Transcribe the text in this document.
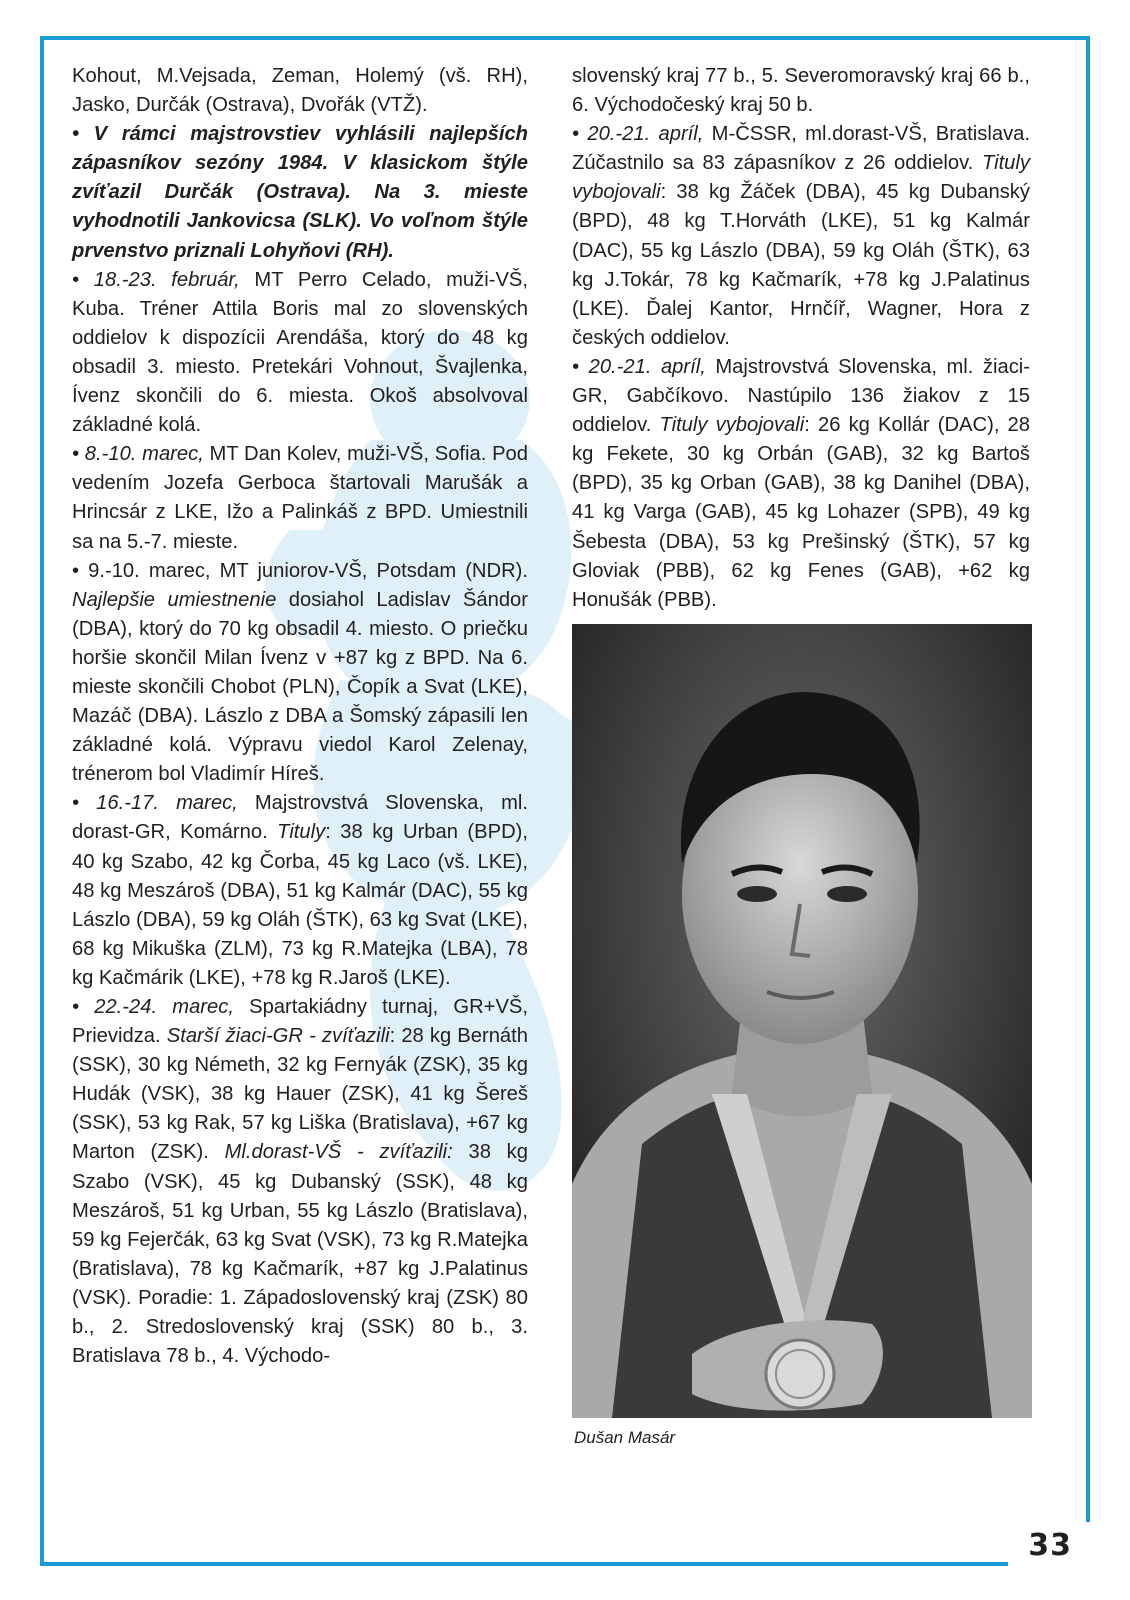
33

Kohout, M.Vejsada, Zeman, Holemý (vš. RH), Jasko, Durčák (Ostrava), Dvořák (VTŽ).

• V rámci majstrovstiev vyhlásili najlepších zápasníkov sezóny 1984. V klasickom štýle zvíťazil Durčák (Ostrava). Na 3. mieste vyhodnotili Jankovicsa (SLK). Vo voľnom štýle prvenstvo priznali Lohyňovi (RH).

• 18.-23. február, MT Perro Celado, muži-VŠ, Kuba. Tréner Attila Boris mal zo slovenských oddielov k dispozícii Arendáša, ktorý do 48 kg obsadil 3. miesto. Pretekári Vohnout, Švajlenka, Ívenz skončili do 6. miesta. Okoš absolvoval základné kolá.

• 8.-10. marec, MT Dan Kolev, muži-VŠ, Sofia. Pod vedením Jozefa Gerboca štartovali Marušák a Hrincsár z LKE, Ižo a Palinkáš z BPD. Umiestnili sa na 5.-7. mieste.

• 9.-10. marec, MT juniorov-VŠ, Potsdam (NDR). Najlepšie umiestnenie dosiahol Ladislav Šándor (DBA), ktorý do 70 kg obsadil 4. miesto. O priečku horšie skončil Milan Ívenz v +87 kg z BPD. Na 6. mieste skončili Chobot (PLN), Čopík a Svat (LKE), Mazáč (DBA). Lászlo z DBA a Šomský zápasili len základné kolá. Výpravu viedol Karol Zelenay, trénerom bol Vladimír Híreš.

• 16.-17. marec, Majstrovstvá Slovenska, ml. dorast-GR, Komárno. Tituly: 38 kg Urban (BPD), 40 kg Szabo, 42 kg Čorba, 45 kg Laco (vš. LKE), 48 kg Meszároš (DBA), 51 kg Kalmár (DAC), 55 kg Lászlo (DBA), 59 kg Oláh (ŠTK), 63 kg Svat (LKE), 68 kg Mikuška (ZLM), 73 kg R.Matejka (LBA), 78 kg Kačmárik (LKE), +78 kg R.Jaroš (LKE).

• 22.-24. marec, Spartakiádny turnaj, GR+VŠ, Prievidza. Starší žiaci-GR - zvíťazili: 28 kg Bernáth (SSK), 30 kg Németh, 32 kg Fernyák (ZSK), 35 kg Hudák (VSK), 38 kg Hauer (ZSK), 41 kg Šereš (SSK), 53 kg Rak, 57 kg Liška (Bratislava), +67 kg Marton (ZSK). Ml.dorast-VŠ - zvíťazili: 38 kg Szabo (VSK), 45 kg Dubanský (SSK), 48 kg Meszároš, 51 kg Urban, 55 kg Lászlo (Bratislava), 59 kg Fejerčák, 63 kg Svat (VSK), 73 kg R.Matejka (Bratislava), 78 kg Kačmarík, +87 kg J.Palatinus (VSK). Poradie: 1. Západoslovenský kraj (ZSK) 80 b., 2. Stredoslovenský kraj (SSK) 80 b., 3. Bratislava 78 b., 4. Východo-

slovenský kraj 77 b., 5. Severomoravský kraj 66 b., 6. Východočeský kraj 50 b.

• 20.-21. apríl, M-ČSSR, ml.dorast-VŠ, Bratislava. Zúčastnilo sa 83 zápasníkov z 26 oddielov. Tituly vybojovali: 38 kg Žáček (DBA), 45 kg Dubanský (BPD), 48 kg T.Horváth (LKE), 51 kg Kalmár (DAC), 55 kg Lászlo (DBA), 59 kg Oláh (ŠTK), 63 kg J.Tokár, 78 kg Kačmarík, +78 kg J.Palatinus (LKE). Ďalej Kantor, Hrnčíř, Wagner, Hora z českých oddielov.

• 20.-21. apríl, Majstrovstvá Slovenska, ml. žiaci-GR, Gabčíkovo. Nastúpilo 136 žiakov z 15 oddielov. Tituly vybojovali: 26 kg Kollár (DAC), 28 kg Fekete, 30 kg Orbán (GAB), 32 kg Bartoš (BPD), 35 kg Orban (GAB), 38 kg Danihel (DBA), 41 kg Varga (GAB), 45 kg Lohazer (SPB), 49 kg Šebesta (DBA), 53 kg Prešinský (ŠTK), 57 kg Gloviak (PBB), 62 kg Fenes (GAB), +62 kg Honušák (PBB).

Dušan Masár
